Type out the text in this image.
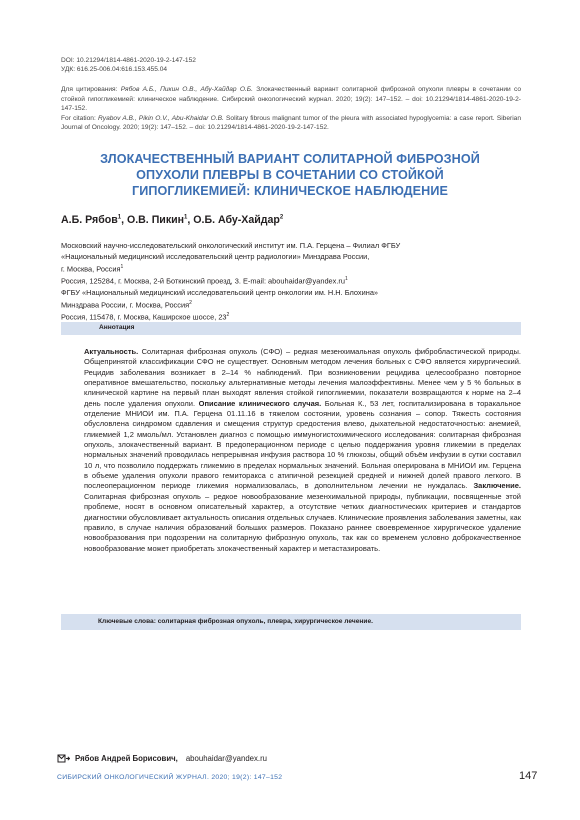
DOI: 10.21294/1814-4861-2020-19-2-147-152
УДК: 616.25-006.04:616.153.455.04
Для цитирования: Рябов А.Б., Пикин О.В., Абу-Хайдар О.Б. Злокачественный вариант солитарной фиброзной опухоли плевры в сочетании со стойкой гипогликемией: клиническое наблюдение. Сибирский онкологический журнал. 2020; 19(2): 147–152. – doi: 10.21294/1814-4861-2020-19-2-147-152.
For citation: Ryabov A.B., Pikin O.V., Abu-Khaidar O.B. Solitary fibrous malignant tumor of the pleura with associated hypoglycemia: a case report. Siberian Journal of Oncology. 2020; 19(2): 147–152. – doi: 10.21294/1814-4861-2020-19-2-147-152.
ЗЛОКАЧЕСТВЕННЫЙ ВАРИАНТ СОЛИТАРНОЙ ФИБРОЗНОЙ
ОПУХОЛИ ПЛЕВРЫ В СОЧЕТАНИИ СО СТОЙКОЙ
ГИПОГЛИКЕМИЕЙ: КЛИНИЧЕСКОЕ НАБЛЮДЕНИЕ
А.Б. Рябов$^1$, О.В. Пикин$^1$, О.Б. Абу-Хайдар$^2$
Московский научно-исследовательский онкологический институт им. П.А. Герцена – Филиал ФГБУ
«Национальный медицинский исследовательский центр радиологии» Минздрава России,
г. Москва, Россия$^1$
Россия, 125284, г. Москва, 2-й Боткинский проезд, 3. E-mail: $abouhaidar@yandex.ru^1$
ФГБУ «Национальный медицинский исследовательский центр онкологии им. Н.Н. Блохина»
Минздрава России, г. Москва, Россия$^2$
Россия, 115478, г. Москва, Каширское шоссе, $23^2$
Аннотация
Актуальность. Солитарная фиброзная опухоль (СФО) – редкая мезенхимальная опухоль фибробластической природы. Общепринятой классификации СФО не существует. Основным методом лечения больных с СФО является хирургический. Рецидив заболевания возникает в 2–14 % наблюдений. При возникновении рецидива целесообразно повторное оперативное вмешательство, поскольку альтернативные методы лечения малоэффективны. Менее чем у 5 % больных в клинической картине на первый план выходят явления стойкой гипогликемии, показатели возвращаются к норме на 2–4 день после удаления опухоли. Описание клинического случая. Больная К., 53 лет, госпитализирована в торакальное отделение МНИОИ им. П.А. Герцена 01.11.16 в тяжелом состоянии, уровень сознания – сопор. Тяжесть состояния обусловлена синдромом сдавления и смещения структур средостения влево, дыхательной недостаточностью: анемией, гликемией 1,2 ммоль/мл. Установлен диагноз с помощью иммуногистохимического исследования: солитарная фиброзная опухоль, злокачественный вариант. В предоперационном периоде с целью поддержания уровня гликемии в пределах нормальных значений проводилась непрерывная инфузия раствора 10 % глюкозы, общий объём инфузии в сутки составил 10 л, что позволило поддержать гликемию в пределах нормальных значений. Больная оперирована в МНИОИ им. Герцена в объеме удаления опухоли правого гемиторакса с атипичной резекцией средней и нижней долей правого легкого. В послеоперационном периоде гликемия нормализовалась, в дополнительном лечении не нуждалась. Заключение. Солитарная фиброзная опухоль – редкое новообразование мезенхимальной природы, публикации, посвященные этой проблеме, носят в основном описательный характер, а отсутствие четких диагностических критериев и стандартов диагностики обусловливает актуальность описания отдельных случаев. Клинические проявления заболевания заметны, как правило, в случае наличия образований больших размеров. Показано раннее своевременное хирургическое удаление новообразования при подозрении на солитарную фиброзную опухоль, так как со временем условно доброкачественное новообразование может приобретать злокачественный характер и метастазировать.
Ключевые слова: солитарная фиброзная опухоль, плевра, хирургическое лечение.
Рябов Андрей Борисович, abouhaidar@yandex.ru
СИБИРСКИЙ ОНКОЛОГИЧЕСКИЙ ЖУРНАЛ. 2020; 19(2): 147–152	147
